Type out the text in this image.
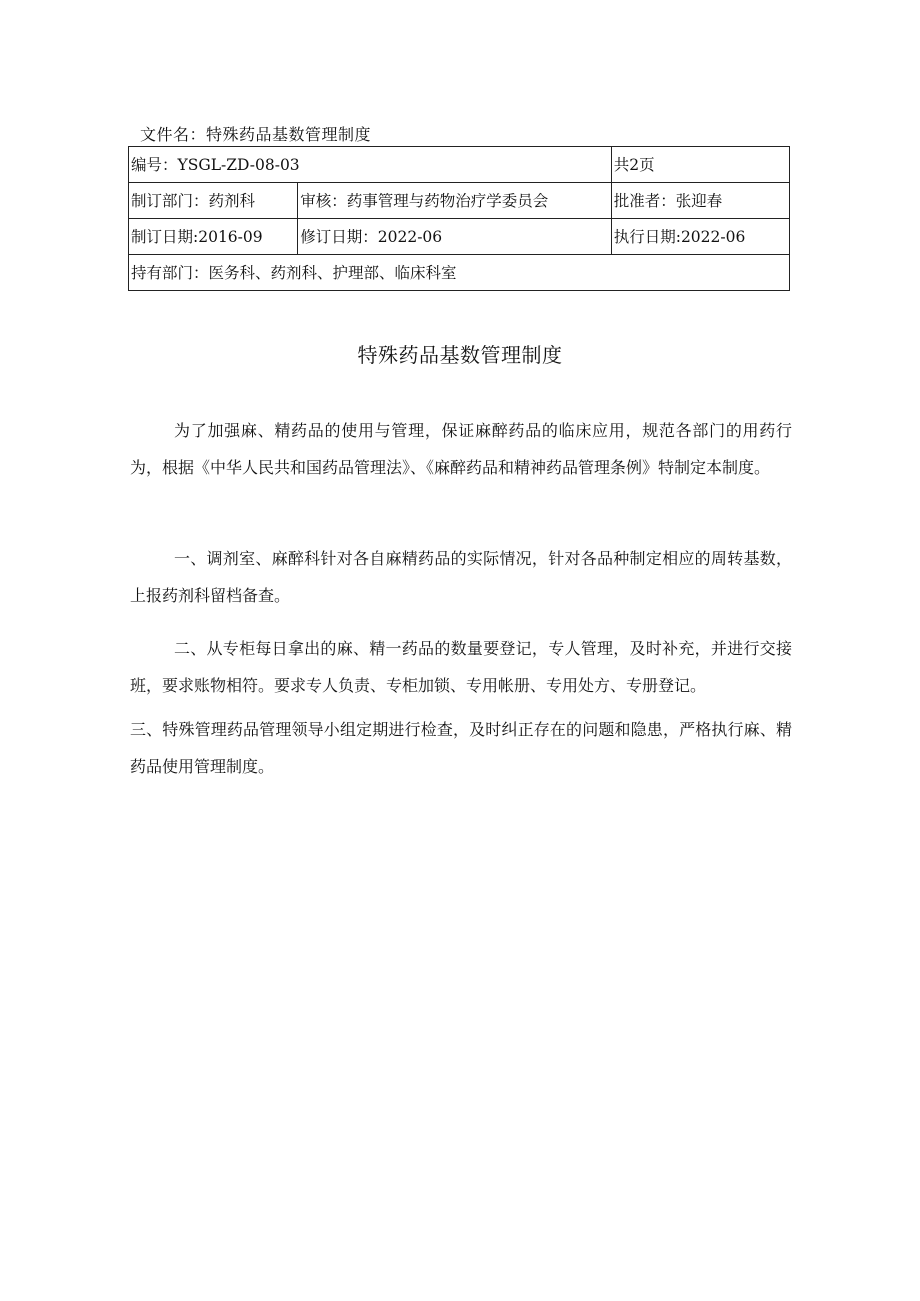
文件名：特殊药品基数管理制度
编号：YSGL-ZD-08-03		共2页
制订部门：药剂科	审核：药事管理与药物治疗学委员会	批准者：张迎春
制订日期:2016-09	修订日期：2022-06	执行日期:2022-06
持有部门：医务科、药剂科、护理部、临床科室		
特殊药品基数管理制度

为了加强麻、精药品的使用与管理，保证麻醉药品的临床应用，规范各部门的用药行为，根据《中华人民共和国药品管理法》、《麻醉药品和精神药品管理条例》特制定本制度。

一、调剂室、麻醉科针对各自麻精药品的实际情况，针对各品种制定相应的周转基数，上报药剂科留档备查。

二、从专柜每日拿出的麻、精一药品的数量要登记，专人管理，及时补充，并进行交接班，要求账物相符。要求专人负责、专柜加锁、专用帐册、专用处方、专册登记。

三、特殊管理药品管理领导小组定期进行检查，及时纠正存在的问题和隐患，严格执行麻、精药品使用管理制度。
